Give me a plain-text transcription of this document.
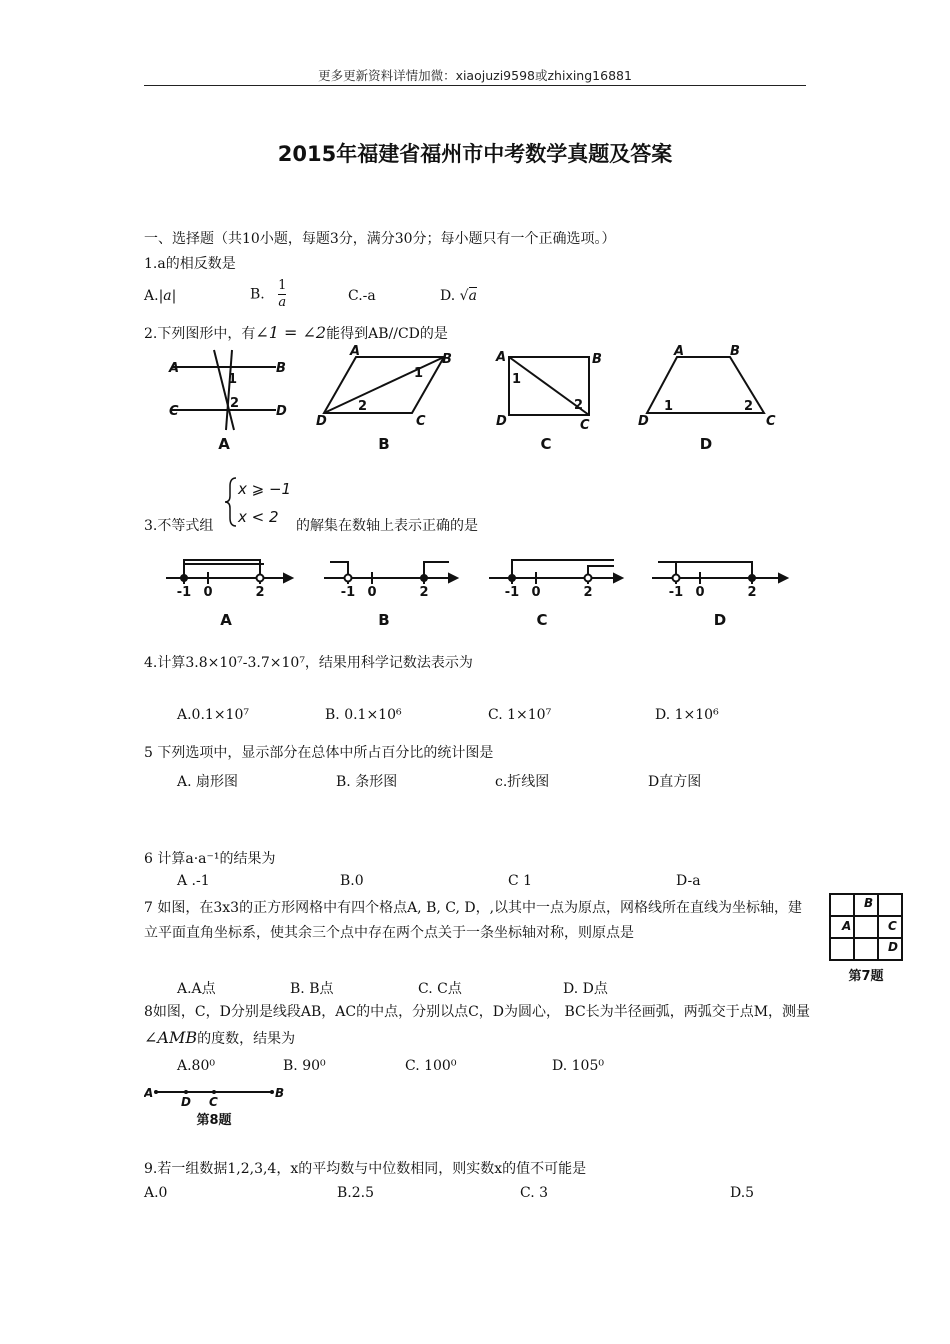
更多更新资料详情加微：xiaojuzi9598或zhixing16881
2015年福建省福州市中考数学真题及答案
一、选择题（共10小题，每题3分，满分30分；每小题只有一个正确选项。）
1.a的相反数是
A.|a|	B. $\frac{1}{a}$	C.-a	D. √a
2.下列图形中，有∠1 = ∠2能得到AB//CD的是
A	B
C	D
1
2
A
B
C
D
1
2
A	B
C
D
1
2
A	B
C
D
1	2
A	B	C	D
3.不等式组
x ⩾ −1
x < 2 的解集在数轴上表示正确的是
-1 0	2	-1 0	2	-1 0	2	-1 0	2
A	B	C	D
4.计算3.8×10⁷-3.7×10⁷，结果用科学记数法表示为
A.0.1×10⁷	B. 0.1×10⁶	C. 1×10⁷	D. 1×10⁶
5 下列选项中，显示部分在总体中所占百分比的统计图是
A. 扇形图	B. 条形图	c.折线图	D直方图
6 计算a·a⁻¹的结果为
A .-1	B.0	C 1	D-a
7 如图，在3x3的正方形网格中有四个格点A, B, C, D，,以其中一点为原点，网格线所在直线为坐标轴，建立平面直角坐标系，使其余三个点中存在两个点关于一条坐标轴对称，则原点是
A.A点	B. B点	C. C点	D. D点
A
B
C
D
第7题
8如图，C，D分别是线段AB，AC的中点，分别以点C，D为圆心， BC长为半径画弧，两弧交于点M，测量∠AMB的度数，结果为
A.80⁰	B. 90⁰	C. 100⁰	D. 105⁰
A
D C
B
第8题
9.若一组数据1,2,3,4，x的平均数与中位数相同，则实数x的值不可能是
A.0	B.2.5	C. 3	D.5
